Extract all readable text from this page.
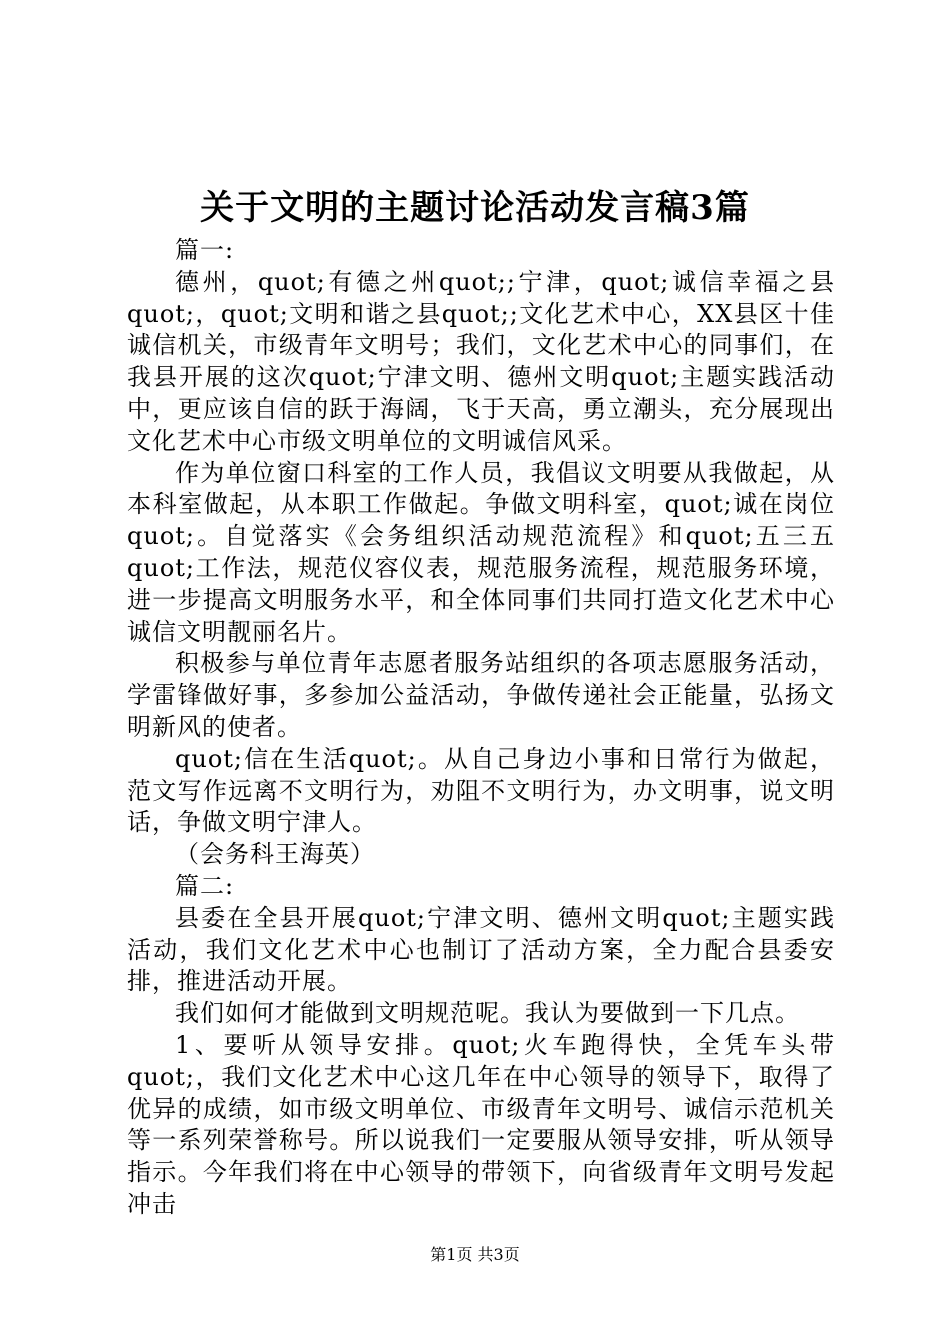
关于文明的主题讨论活动发言稿3篇

篇一:

德州，quot;有德之州quot;;宁津，quot;诚信幸福之县quot;，quot;文明和谐之县quot;;文化艺术中心，XX县区十佳诚信机关，市级青年文明号；我们，文化艺术中心的同事们，在我县开展的这次quot;宁津文明、德州文明quot;主题实践活动中，更应该自信的跃于海阔，飞于天高，勇立潮头，充分展现出文化艺术中心市级文明单位的文明诚信风采。

作为单位窗口科室的工作人员，我倡议文明要从我做起，从本科室做起，从本职工作做起。争做文明科室，quot;诚在岗位quot;。自觉落实《会务组织活动规范流程》和quot;五三五quot;工作法，规范仪容仪表，规范服务流程，规范服务环境，进一步提高文明服务水平，和全体同事们共同打造文化艺术中心诚信文明靓丽名片。

积极参与单位青年志愿者服务站组织的各项志愿服务活动，学雷锋做好事，多参加公益活动，争做传递社会正能量，弘扬文明新风的使者。

quot;信在生活quot;。从自己身边小事和日常行为做起，范文写作远离不文明行为，劝阻不文明行为，办文明事，说文明话，争做文明宁津人。

（会务科王海英）

篇二:

县委在全县开展quot;宁津文明、德州文明quot;主题实践活动，我们文化艺术中心也制订了活动方案，全力配合县委安排，推进活动开展。

我们如何才能做到文明规范呢。我认为要做到一下几点。

1、要听从领导安排。quot;火车跑得快，全凭车头带quot;，我们文化艺术中心这几年在中心领导的领导下，取得了优异的成绩，如市级文明单位、市级青年文明号、诚信示范机关等一系列荣誉称号。所以说我们一定要服从领导安排，听从领导指示。今年我们将在中心领导的带领下，向省级青年文明号发起冲击

第1页 共3页
